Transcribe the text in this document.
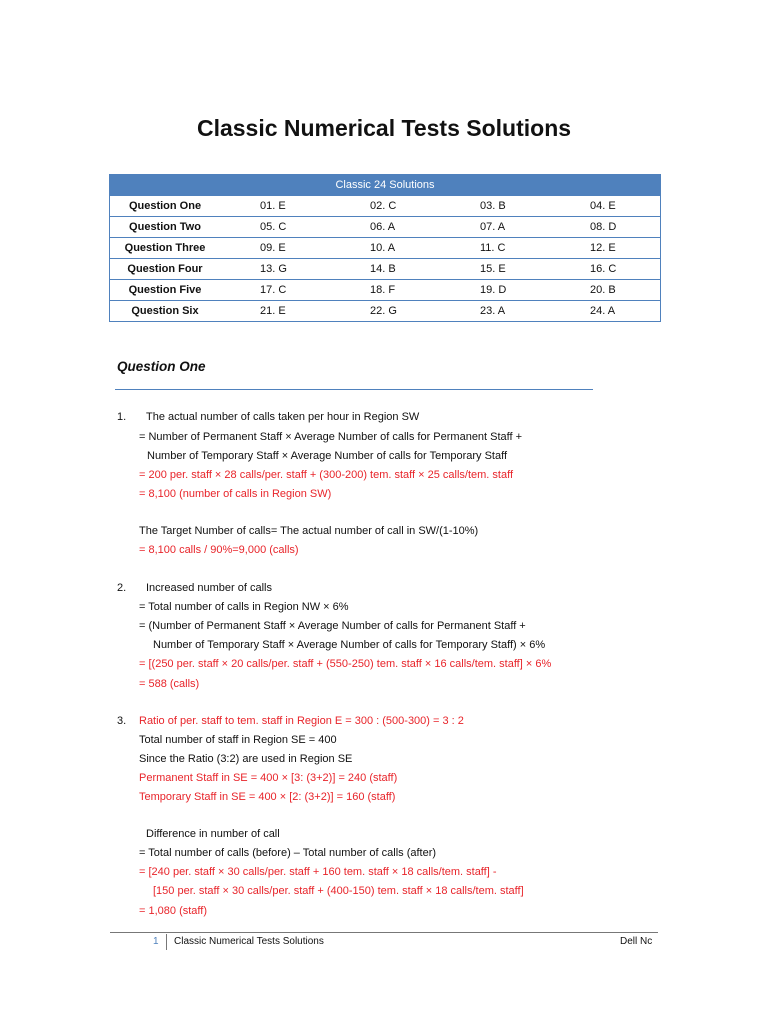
Classic Numerical Tests Solutions
Classic 24 Solutions
Question One	01. E	02. C	03. B	04. E
Question Two	05. C	06. A	07. A	08. D
Question Three	09. E	10. A	11. C	12. E
Question Four	13. G	14. B	15. E	16. C
Question Five	17. C	18. F	19. D	20. B
Question Six	21. E	22. G	23. A	24. A
Question One
1. The actual number of calls taken per hour in Region SW
= Number of Permanent Staff × Average Number of calls for Permanent Staff +
Number of Temporary Staff × Average Number of calls for Temporary Staff
= 200 per. staff × 28 calls/per. staff + (300-200) tem. staff × 25 calls/tem. staff
= 8,100 (number of calls in Region SW)
The Target Number of calls= The actual number of call in SW/(1-10%)
= 8,100 calls / 90%=9,000 (calls)
2. Increased number of calls
= Total number of calls in Region NW × 6%
= (Number of Permanent Staff × Average Number of calls for Permanent Staff +
Number of Temporary Staff × Average Number of calls for Temporary Staff) × 6%
= [(250 per. staff × 20 calls/per. staff + (550-250) tem. staff × 16 calls/tem. staff] × 6%
= 588 (calls)
3. Ratio of per. staff to tem. staff in Region E = 300 : (500-300) = 3 : 2
Total number of staff in Region SE = 400
Since the Ratio (3:2) are used in Region SE
Permanent Staff in SE = 400 × [3: (3+2)] = 240 (staff)
Temporary Staff in SE = 400 × [2: (3+2)] = 160 (staff)
Difference in number of call
= Total number of calls (before) – Total number of calls (after)
= [240 per. staff × 30 calls/per. staff + 160 tem. staff × 18 calls/tem. staff] -
[150 per. staff × 30 calls/per. staff + (400-150) tem. staff × 18 calls/tem. staff]
= 1,080 (staff)
1 Classic Numerical Tests Solutions	Dell Nc
